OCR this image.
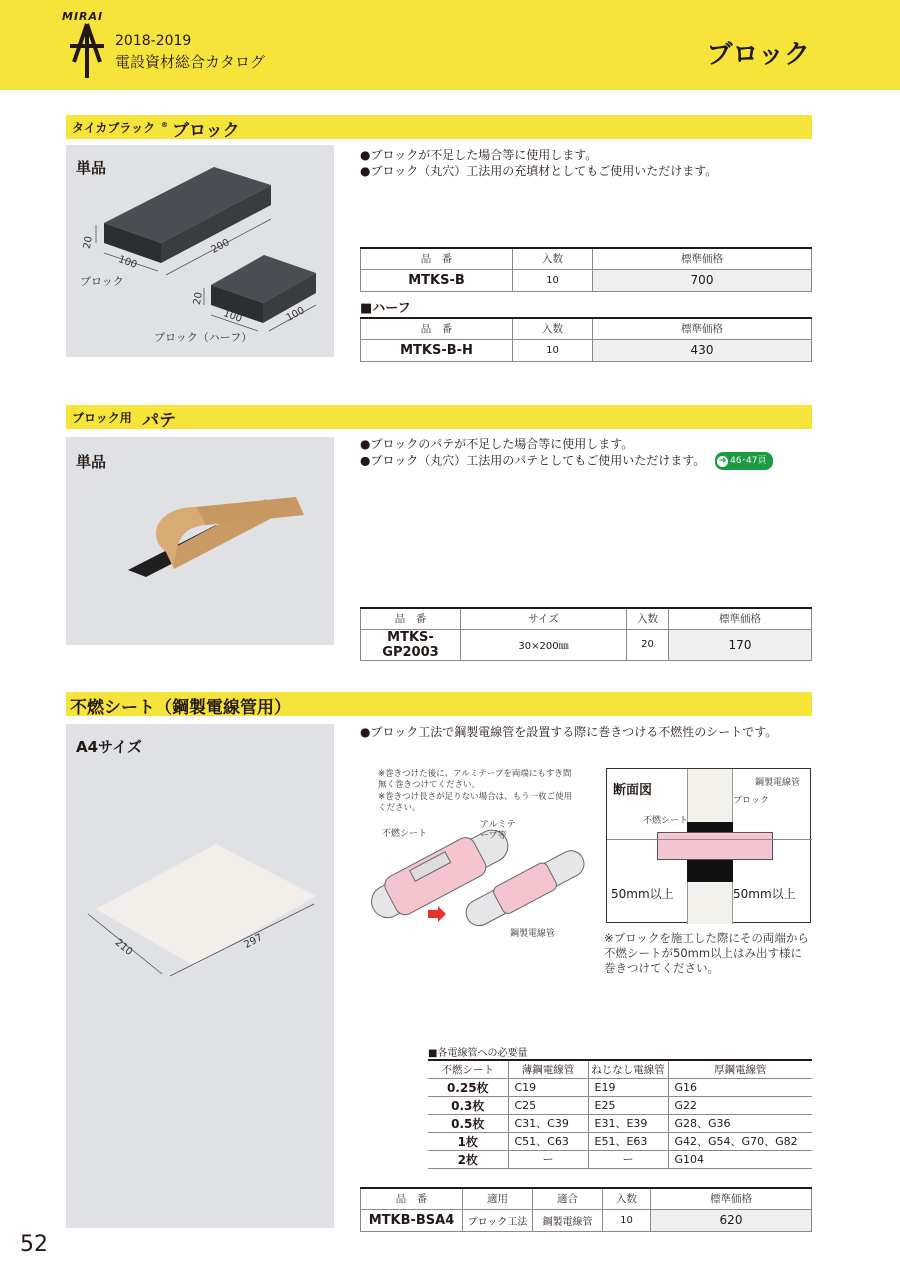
MIRAI
2018-2019
電設資材総合カタログ	ブロック
タイカブラック ® ブロック
単品
20
100
200
ブロック
20
100	100
ブロック（ハーフ）
●ブロックが不足した場合等に使用します。
●ブロック（丸穴）工法用の充填材としてもご使用いただけます。
品　番	入数	標準価格
MTKS-B	10	700
■ハーフ
品　番	入数	標準価格
MTKS-B-H	10	430
ブロック用 パテ
単品
●ブロックのパテが不足した場合等に使用します。
●ブロック（丸穴）工法用のパテとしてもご使用いただけます。 ➜ 46･47頁
品　番	サイズ	入数	標準価格
MTKS-GP2003	30×200㎜	20	170
不燃シート（鋼製電線管用）
A4サイズ
210	297
●ブロック工法で鋼製電線管を設置する際に巻きつける不燃性のシートです。
※巻きつけた後に、アルミテープを両端にもすき間無く巻きつけてください。
※巻きつけ長さが足りない場合は、もう一枚ご使用ください。
不燃シート
アルミテープ等
鋼製電線管
断面図	鋼製電線管
ブロック
不燃シート
50mm以上	50mm以上
※ブロックを施工した際にその両端から不燃シートが50mm以上はみ出す様に巻きつけてください。
■各電線管への必要量
不燃シート	薄鋼電線管	ねじなし電線管	厚鋼電線管
0.25枚	C19	E19	G16
0.3枚	C25	E25	G22
0.5枚	C31、C39	E31、E39	G28、G36
1枚	C51、C63	E51、E63	G42、G54、G70、G82
2枚	ー	ー	G104
品　番	適用	適合	入数	標準価格
MTKB-BSA4	ブロック工法	鋼製電線管	10	620
52
